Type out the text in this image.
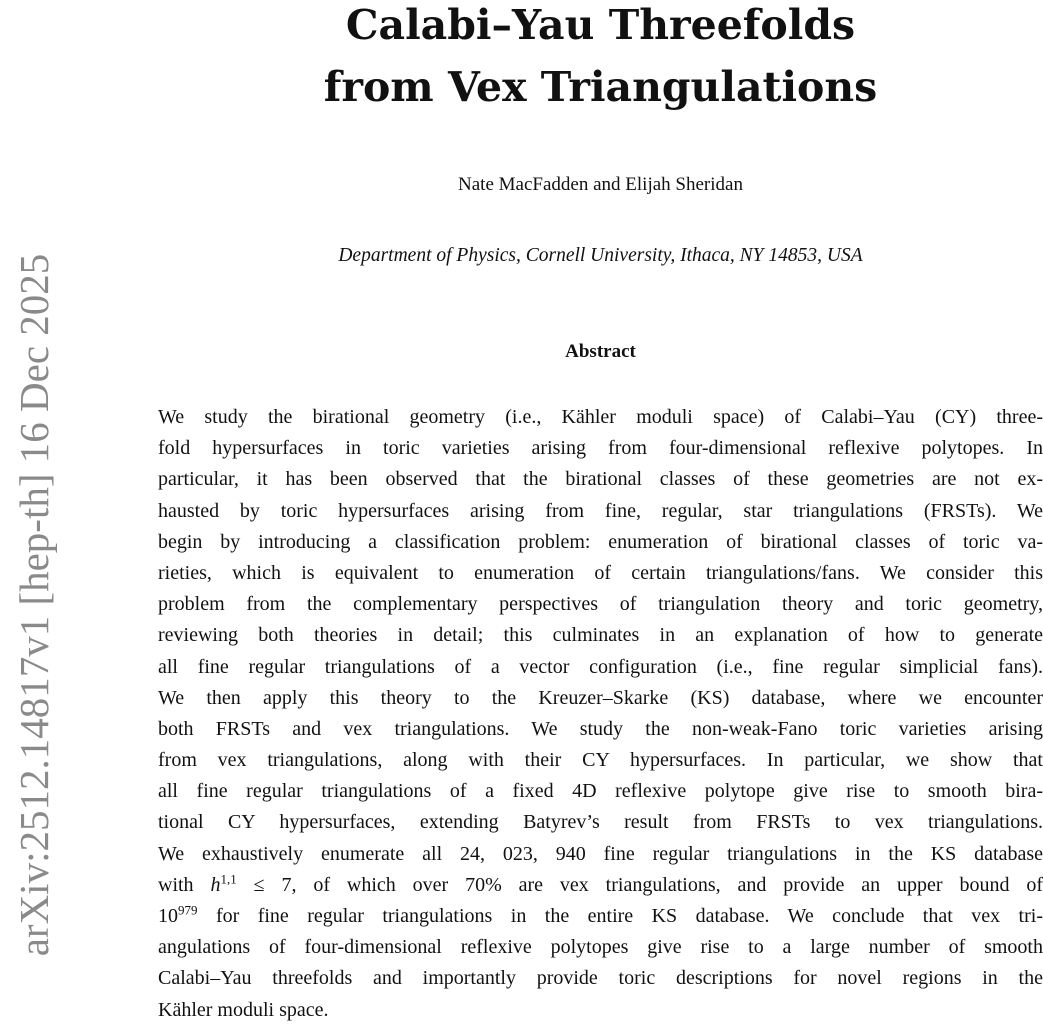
arXiv:2512.14817v1 [hep-th] 16 Dec 2025
Calabi–Yau Threefolds
from Vex Triangulations
Nate MacFadden and Elijah Sheridan
Department of Physics, Cornell University, Ithaca, NY 14853, USA
Abstract
We study the birational geometry (i.e., Kähler moduli space) of Calabi–Yau (CY) three-
fold hypersurfaces in toric varieties arising from four-dimensional reflexive polytopes. In
particular, it has been observed that the birational classes of these geometries are not ex-
hausted by toric hypersurfaces arising from fine, regular, star triangulations (FRSTs). We
begin by introducing a classification problem: enumeration of birational classes of toric va-
rieties, which is equivalent to enumeration of certain triangulations/fans. We consider this
problem from the complementary perspectives of triangulation theory and toric geometry,
reviewing both theories in detail; this culminates in an explanation of how to generate
all fine regular triangulations of a vector configuration (i.e., fine regular simplicial fans).
We then apply this theory to the Kreuzer–Skarke (KS) database, where we encounter
both FRSTs and vex triangulations. We study the non-weak-Fano toric varieties arising
from vex triangulations, along with their CY hypersurfaces. In particular, we show that
all fine regular triangulations of a fixed 4D reflexive polytope give rise to smooth bira-
tional CY hypersurfaces, extending Batyrev’s result from FRSTs to vex triangulations.
We exhaustively enumerate all 24, 023, 940 fine regular triangulations in the KS database
with $h^{1,1} \le 7$, of which over 70% are vex triangulations, and provide an upper bound of
$10^{979}$ for fine regular triangulations in the entire KS database. We conclude that vex tri-
angulations of four-dimensional reflexive polytopes give rise to a large number of smooth
Calabi–Yau threefolds and importantly provide toric descriptions for novel regions in the
Kähler moduli space.
